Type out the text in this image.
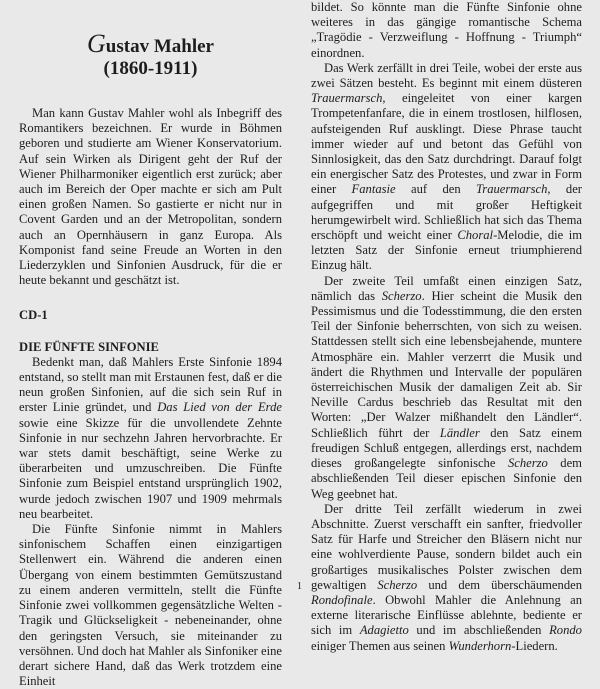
Gustav Mahler
(1860-1911)

Man kann Gustav Mahler wohl als Inbegriff des Romantikers bezeichnen. Er wurde in Böhmen geboren und studierte am Wiener Konservatorium. Auf sein Wirken als Dirigent geht der Ruf der Wiener Philharmoniker eigentlich erst zurück; aber auch im Bereich der Oper machte er sich am Pult einen großen Namen. So gastierte er nicht nur in Covent Garden und an der Metropolitan, sondern auch an Opernhäusern in ganz Europa. Als Komponist fand seine Freude an Worten in den Liederzyklen und Sinfonien Ausdruck, für die er heute bekannt und geschätzt ist.

CD-1

DIE FÜNFTE SINFONIE

Bedenkt man, daß Mahlers Erste Sinfonie 1894 entstand, so stellt man mit Erstaunen fest, daß er die neun großen Sinfonien, auf die sich sein Ruf in erster Linie gründet, und Das Lied von der Erde sowie eine Skizze für die unvollendete Zehnte Sinfonie in nur sechzehn Jahren hervorbrachte. Er war stets damit beschäftigt, seine Werke zu überarbeiten und umzuschreiben. Die Fünfte Sinfonie zum Beispiel entstand ursprünglich 1902, wurde jedoch zwischen 1907 und 1909 mehrmals neu bearbeitet.

Die Fünfte Sinfonie nimmt in Mahlers sinfonischem Schaffen einen einzigartigen Stellenwert ein. Während die anderen einen Übergang von einem bestimmten Gemütszustand zu einem anderen vermitteln, stellt die Fünfte Sinfonie zwei vollkommen gegensätzliche Welten - Tragik und Glückseligkeit - nebeneinander, ohne den geringsten Versuch, sie miteinander zu versöhnen. Und doch hat Mahler als Sinfoniker eine derart sichere Hand, daß das Werk trotzdem eine Einheit

bildet. So könnte man die Fünfte Sinfonie ohne weiteres in das gängige romantische Schema „Tragödie - Verzweiflung - Hoffnung - Triumph“ einordnen.

Das Werk zerfällt in drei Teile, wobei der erste aus zwei Sätzen besteht. Es beginnt mit einem düsteren Trauermarsch, eingeleitet von einer kargen Trompetenfanfare, die in einem trostlosen, hilflosen, aufsteigenden Ruf ausklingt. Diese Phrase taucht immer wieder auf und betont das Gefühl von Sinnlosigkeit, das den Satz durchdringt. Darauf folgt ein energischer Satz des Protestes, und zwar in Form einer Fantasie auf den Trauermarsch, der aufgegriffen und mit großer Heftigkeit herumgewirbelt wird. Schließlich hat sich das Thema erschöpft und weicht einer Choral-Melodie, die im letzten Satz der Sinfonie erneut triumphierend Einzug hält.

Der zweite Teil umfaßt einen einzigen Satz, nämlich das Scherzo. Hier scheint die Musik den Pessimismus und die Todesstimmung, die den ersten Teil der Sinfonie beherrschten, von sich zu weisen. Stattdessen stellt sich eine lebensbejahende, muntere Atmosphäre ein. Mahler verzerrt die Musik und ändert die Rhythmen und Intervalle der populären österreichischen Musik der damaligen Zeit ab. Sir Neville Cardus beschrieb das Resultat mit den Worten: „Der Walzer mißhandelt den Ländler“. Schließlich führt der Ländler den Satz einem freudigen Schluß entgegen, allerdings erst, nachdem dieses großangelegte sinfonische Scherzo dem abschließenden Teil dieser epischen Sinfonie den Weg geebnet hat.

Der dritte Teil zerfällt wiederum in zwei Abschnitte. Zuerst verschafft ein sanfter, friedvoller Satz für Harfe und Streicher den Bläsern nicht nur eine wohlverdiente Pause, sondern bildet auch ein großartiges musikalisches Polster zwischen dem gewaltigen Scherzo und dem überschäumenden Rondofinale. Obwohl Mahler die Anlehnung an externe literarische Einflüsse ablehnte, bediente er sich im Adagietto und im abschließenden Rondo einiger Themen aus seinen Wunderhorn-Liedern.

1
